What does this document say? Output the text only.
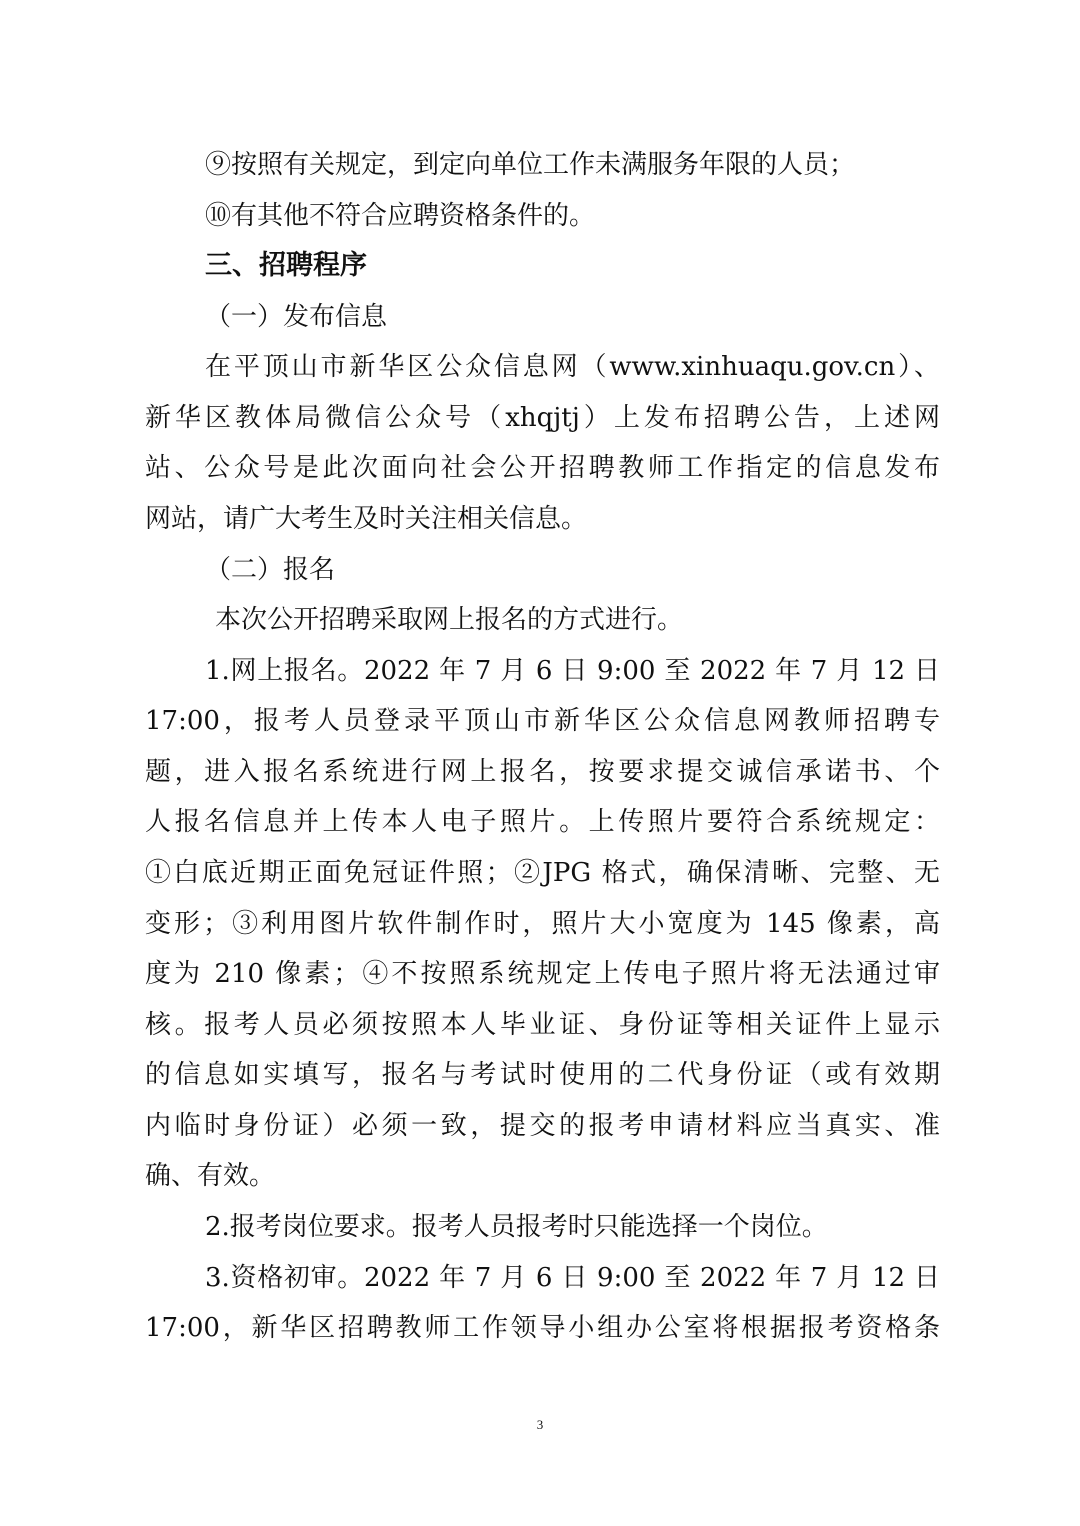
⑨按照有关规定，到定向单位工作未满服务年限的人员；
⑩有其他不符合应聘资格条件的。
三、招聘程序
（一）发布信息
在平顶山市新华区公众信息网（www.xinhuaqu.gov.cn）、
新华区教体局微信公众号（xhqjtj）上发布招聘公告，上述网
站、公众号是此次面向社会公开招聘教师工作指定的信息发布
网站，请广大考生及时关注相关信息。
（二）报名
本次公开招聘采取网上报名的方式进行。
1.网上报名。2022 年 7 月 6 日 9:00 至 2022 年 7 月 12 日
17:00，报考人员登录平顶山市新华区公众信息网教师招聘专
题，进入报名系统进行网上报名，按要求提交诚信承诺书、个
人报名信息并上传本人电子照片。上传照片要符合系统规定：
①白底近期正面免冠证件照；②JPG 格式，确保清晰、完整、无
变形；③利用图片软件制作时，照片大小宽度为 145 像素，高
度为 210 像素；④不按照系统规定上传电子照片将无法通过审
核。报考人员必须按照本人毕业证、身份证等相关证件上显示
的信息如实填写，报名与考试时使用的二代身份证（或有效期
内临时身份证）必须一致，提交的报考申请材料应当真实、准
确、有效。
2.报考岗位要求。报考人员报考时只能选择一个岗位。
3.资格初审。2022 年 7 月 6 日 9:00 至 2022 年 7 月 12 日
17:00，新华区招聘教师工作领导小组办公室将根据报考资格条
3
